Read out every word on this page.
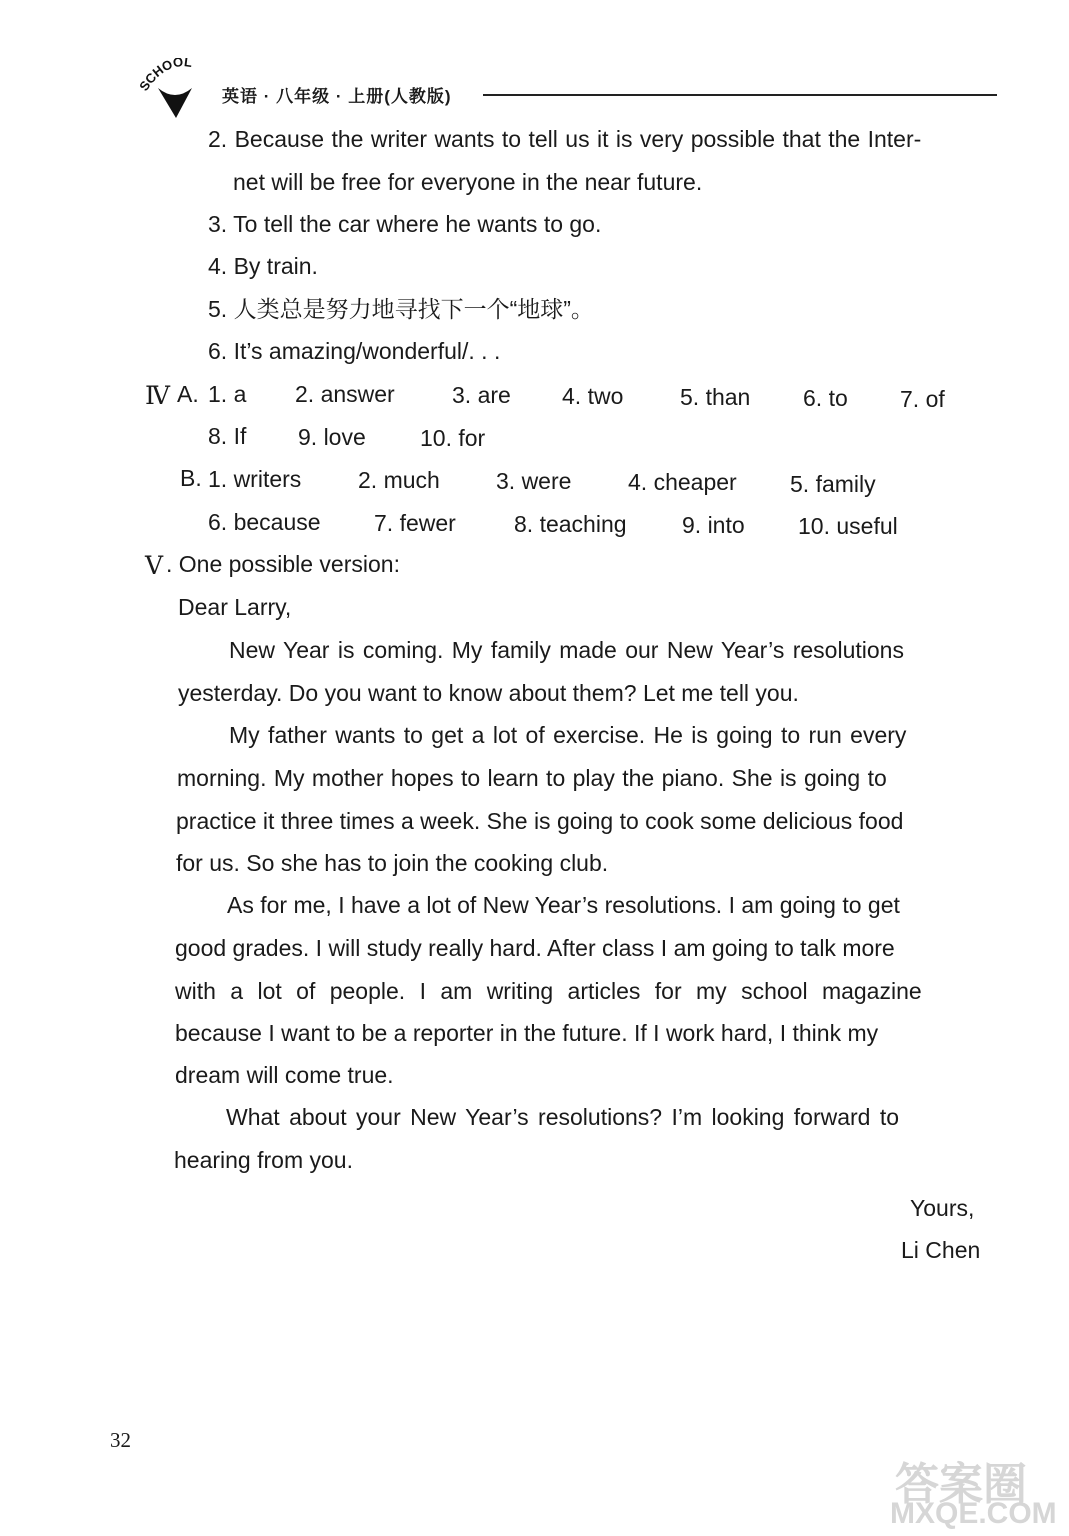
CHOOL
英语 · 八年级 · 上册(人教版)
2. Because the writer wants to tell us it is very possible that the Inter-
net will be free for everyone in the near future.
3. To tell the car where he wants to go.
4. By train.
5. 人类总是努力地寻找下一个“地球”。
6. It’s amazing/wonderful/. . .
Ⅳ A. 1. a 2. answer 3. are 4. two 5. than 6. to 7. of
8. If 9. love 10. for
B. 1. writers 2. much 3. were 4. cheaper 5. family
6. because 7. fewer	8. teaching 9. into 10. useful
Ⅴ . One possible version:
Dear Larry,
New Year is coming. My family made our New Year’s resolutions
yesterday. Do you want to know about them? Let me tell you.
My father wants to get a lot of exercise. He is going to run every
morning. My mother hopes to learn to play the piano. She is going to
practice it three times a week. She is going to cook some delicious food
for us. So she has to join the cooking club.
As for me, I have a lot of New Year’s resolutions. I am going to get
good grades. I will study really hard. After class I am going to talk more
with a lot of people. I am writing articles for my school magazine
because I want to be a reporter in the future. If I work hard, I think my
dream will come true.
What about your New Year’s resolutions? I’m looking forward to
hearing from you.
Yours,
Li Chen
32
答案圈
MXQE.COM
